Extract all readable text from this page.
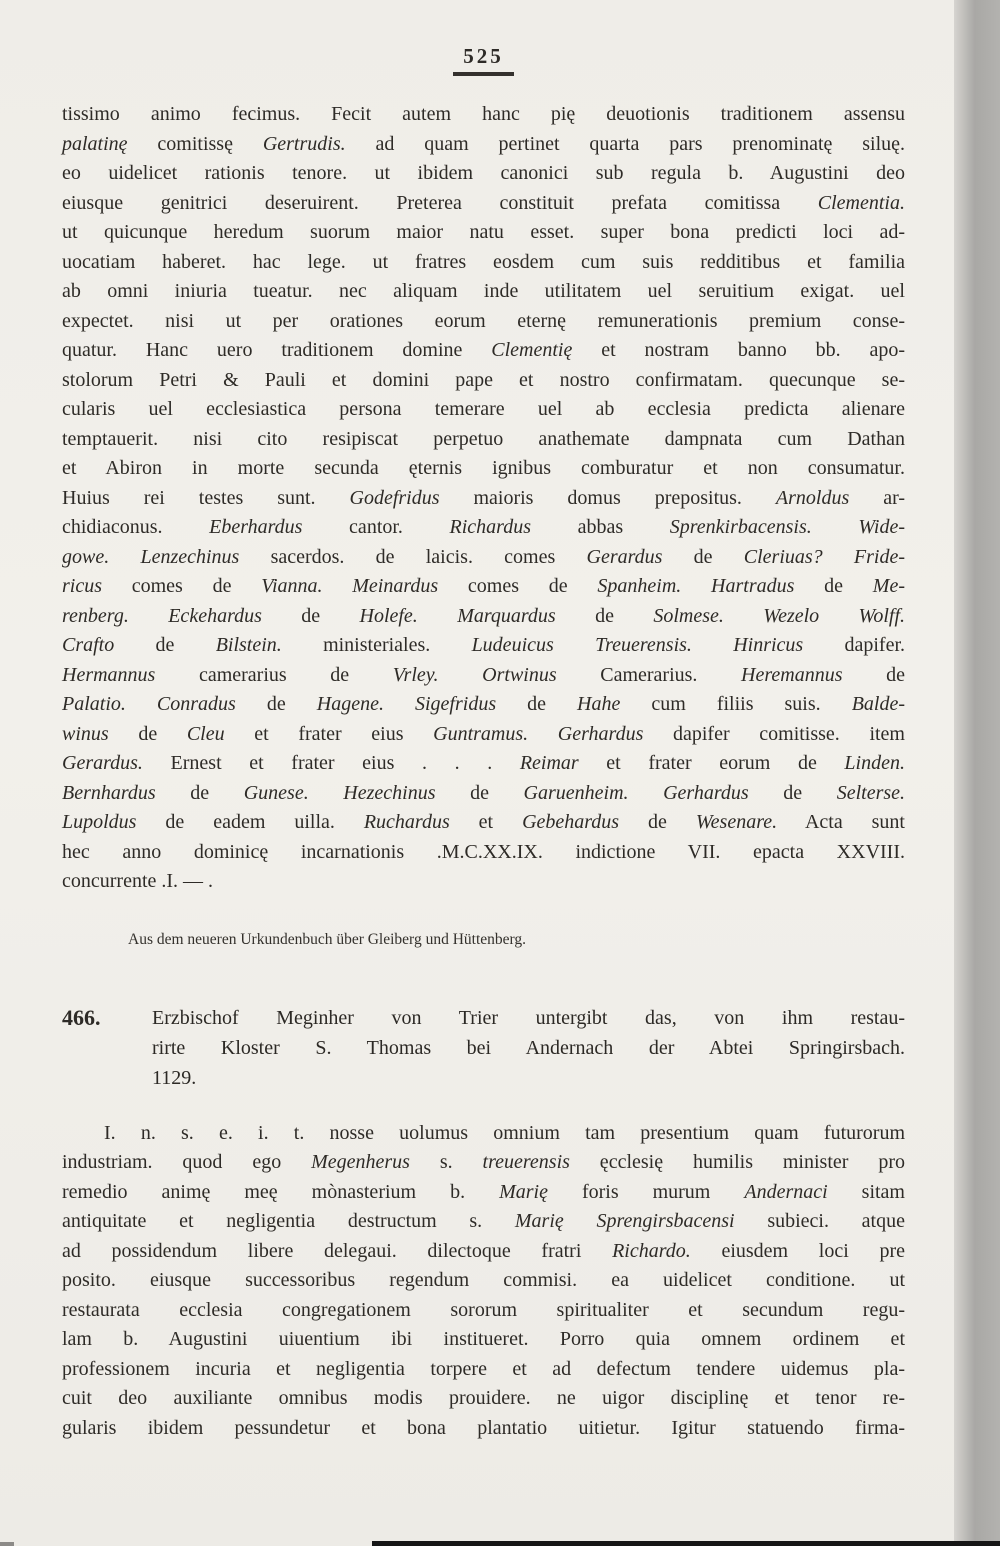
525
tissimo animo fecimus. Fecit autem hanc pię deuotionis traditionem assensu
palatinę comitissę Gertrudis. ad quam pertinet quarta pars prenominatę siluę.
eo uidelicet rationis tenore. ut ibidem canonici sub regula b. Augustini deo
eiusque genitrici deseruirent. Preterea constituit prefata comitissa Clementia.
ut quicunque heredum suorum maior natu esset. super bona predicti loci ad-
uocatiam haberet. hac lege. ut fratres eosdem cum suis redditibus et familia
ab omni iniuria tueatur. nec aliquam inde utilitatem uel seruitium exigat. uel
expectet. nisi ut per orationes eorum eternę remunerationis premium conse-
quatur. Hanc uero traditionem domine Clementię et nostram banno bb. apo-
stolorum Petri & Pauli et domini pape et nostro confirmatam. quecunque se-
cularis uel ecclesiastica persona temerare uel ab ecclesia predicta alienare
temptauerit. nisi cito resipiscat perpetuo anathemate dampnata cum Dathan
et Abiron in morte secunda ęternis ignibus comburatur et non consumatur.
Huius rei testes sunt. Godefridus maioris domus prepositus. Arnoldus ar-
chidiaconus. Eberhardus cantor. Richardus abbas Sprenkirbacensis. Wide-
gowe. Lenzechinus sacerdos. de laicis. comes Gerardus de Cleriuas? Fride-
ricus comes de Vianna. Meinardus comes de Spanheim. Hartradus de Me-
renberg. Eckehardus de Holefe. Marquardus de Solmese. Wezelo Wolff.
Crafto de Bilstein. ministeriales. Ludeuicus Treuerensis. Hinricus dapifer.
Hermannus camerarius de Vrley. Ortwinus Camerarius. Heremannus de
Palatio. Conradus de Hagene. Sigefridus de Hahe cum filiis suis. Balde-
winus de Cleu et frater eius Guntramus. Gerhardus dapifer comitisse. item
Gerardus. Ernest et frater eius . . . Reimar et frater eorum de Linden.
Bernhardus de Gunese. Hezechinus de Garuenheim. Gerhardus de Selterse.
Lupoldus de eadem uilla. Ruchardus et Gebehardus de Wesenare. Acta sunt
hec anno dominicę incarnationis .M.C.XX.IX. indictione VII. epacta XXVIII.
concurrente .I. — .
Aus dem neueren Urkundenbuch über Gleiberg und Hüttenberg.
466.	Erzbischof Meginher von Trier untergibt das, von ihm restau-
rirte Kloster S. Thomas bei Andernach der Abtei Springirsbach.
1129.
I. n. s. e. i. t. nosse uolumus omnium tam presentium quam futurorum
industriam. quod ego Megenherus s. treuerensis ęcclesię humilis minister pro
remedio animę meę mònasterium b. Marię foris murum Andernaci sitam
antiquitate et negligentia destructum s. Marię Sprengirsbacensi subieci. atque
ad possidendum libere delegaui. dilectoque fratri Richardo. eiusdem loci pre
posito. eiusque successoribus regendum commisi. ea uidelicet conditione. ut
restaurata ecclesia congregationem sororum spiritualiter et secundum regu-
lam b. Augustini uiuentium ibi institueret. Porro quia omnem ordinem et
professionem incuria et negligentia torpere et ad defectum tendere uidemus pla-
cuit deo auxiliante omnibus modis prouidere. ne uigor disciplinę et tenor re-
gularis ibidem pessundetur et bona plantatio uitietur. Igitur statuendo firma-
